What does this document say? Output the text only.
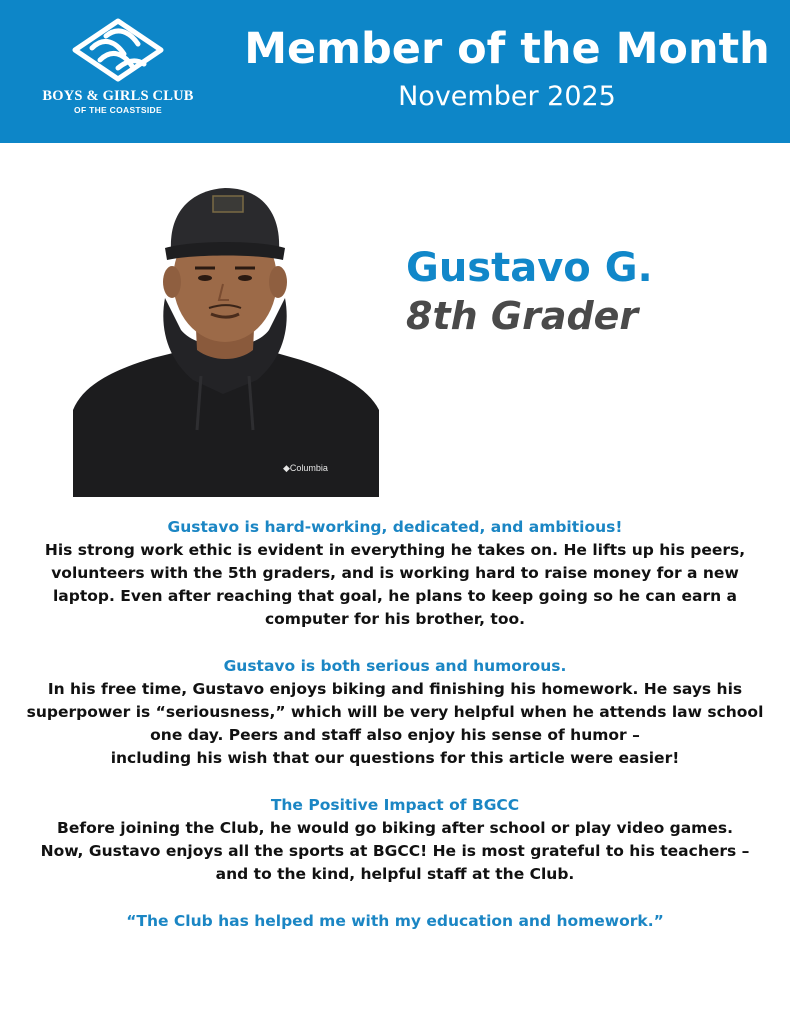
BOYS & GIRLS CLUB
OF THE COASTSIDE
Member of the Month
November 2025
◆Columbia
Gustavo G.
8th Grader

Gustavo is hard-working, dedicated, and ambitious!

His strong work ethic is evident in everything he takes on. He lifts up his peers,
volunteers with the 5th graders, and is working hard to raise money for a new
laptop. Even after reaching that goal, he plans to keep going so he can earn a
computer for his brother, too.

Gustavo is both serious and humorous.

In his free time, Gustavo enjoys biking and finishing his homework. He says his
superpower is “seriousness,” which will be very helpful when he attends law school
one day. Peers and staff also enjoy his sense of humor –
including his wish that our questions for this article were easier!

The Positive Impact of BGCC

Before joining the Club, he would go biking after school or play video games.
Now, Gustavo enjoys all the sports at BGCC! He is most grateful to his teachers –
and to the kind, helpful staff at the Club.

“The Club has helped me with my education and homework.”
